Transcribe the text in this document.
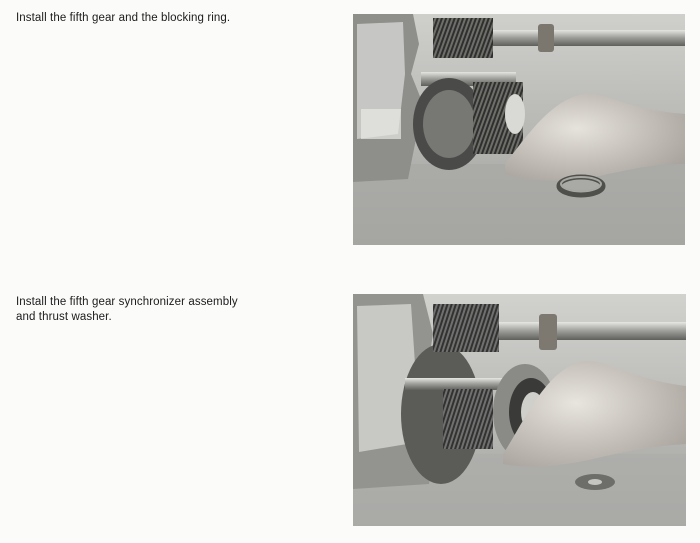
Install the fifth gear and the blocking ring.

Install the fifth gear synchronizer assembly
and thrust washer.
